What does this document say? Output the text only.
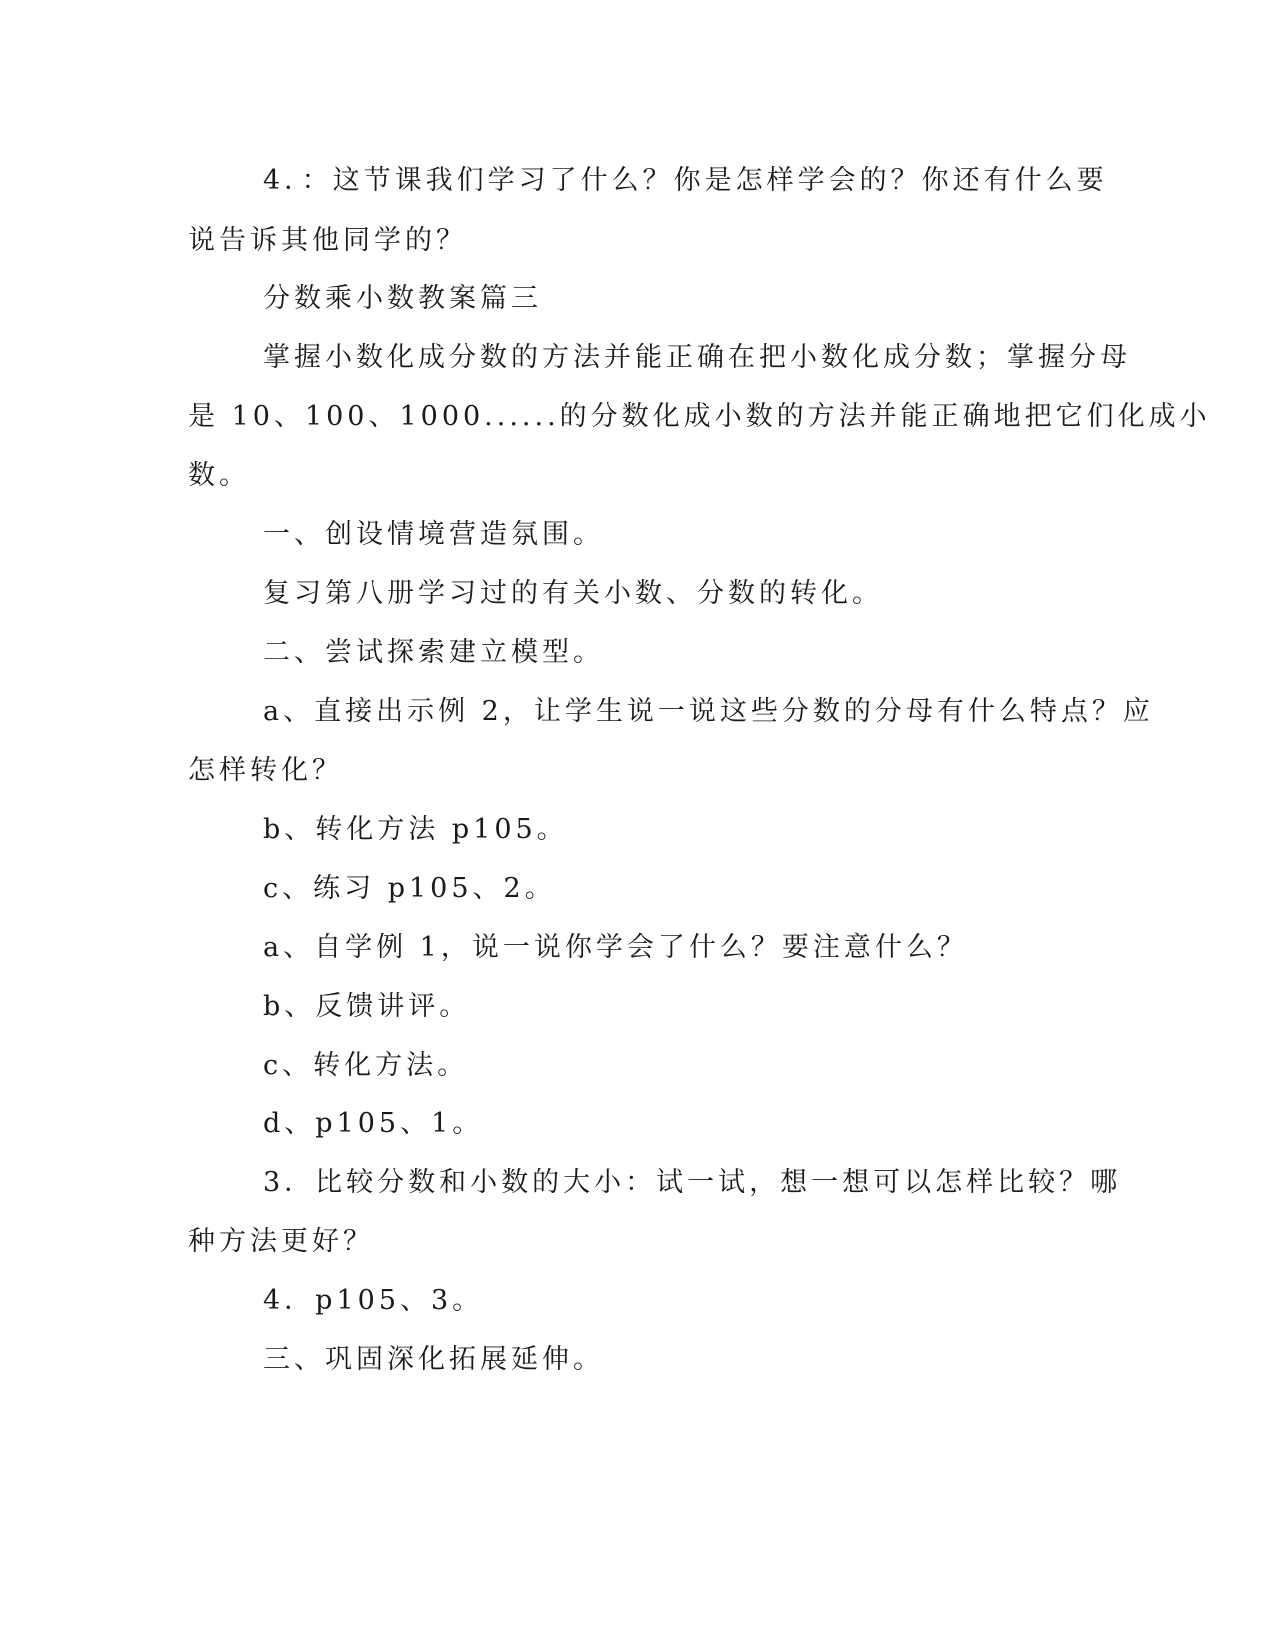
4．：这节课我们学习了什么？你是怎样学会的？你还有什么要
说告诉其他同学的？
分数乘小数教案篇三
掌握小数化成分数的方法并能正确在把小数化成分数；掌握分母
是 10、100、1000......的分数化成小数的方法并能正确地把它们化成小
数。
一、创设情境营造氛围。
复习第八册学习过的有关小数、分数的转化。
二、尝试探索建立模型。
a、直接出示例 2，让学生说一说这些分数的分母有什么特点？应
怎样转化？
b、转化方法 p105。
c、练习 p105、2。
a、自学例 1，说一说你学会了什么？要注意什么？
b、反馈讲评。
c、转化方法。
d、p105、1。
3．比较分数和小数的大小：试一试，想一想可以怎样比较？哪
种方法更好？
4．p105、3。
三、巩固深化拓展延伸。
